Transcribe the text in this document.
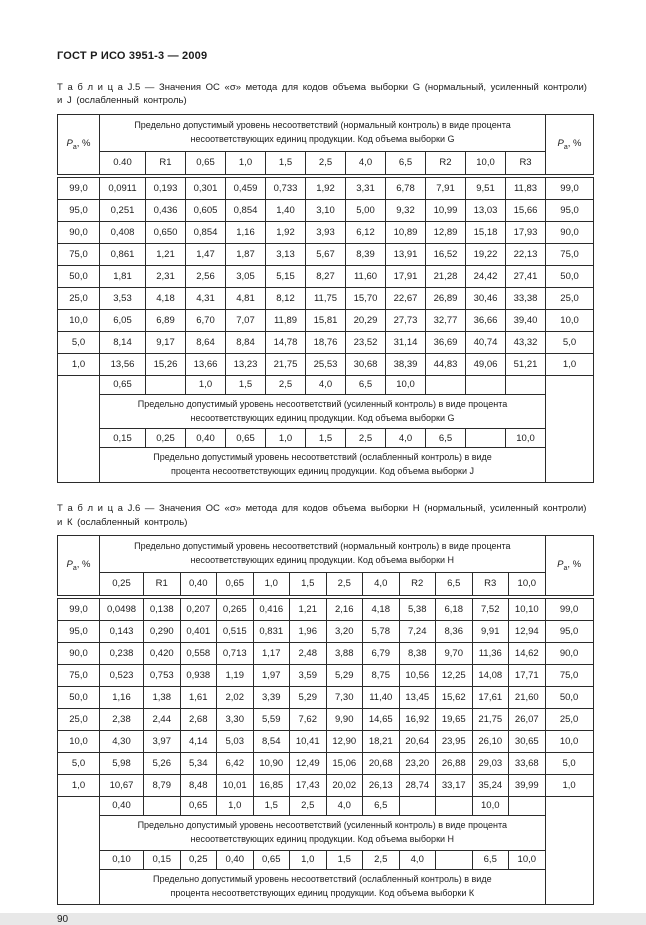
ГОСТ Р ИСО 3951-3 — 2009

Т а б л и ц а J.5 — Значения ОС «σ» метода для кодов объема выборки G (нормальный, усиленный контроли)
и J (ослабленный контроль)

$P_a$, %	Предельно допустимый уровень несоответствий (нормальный контроль) в виде процента
несоответствующих единиц продукции. Код объема выборки G											$P_a$, %
	0.40	R1	0,65	1,0	1,5	2,5	4,0	6,5	R2	10,0	R3	
99,0	0,0911	0,193	0,301	0,459	0,733	1,92	3,31	6,78	7,91	9,51	11,83	99,0
95,0	0,251	0,436	0,605	0,854	1,40	3,10	5,00	9,32	10,99	13,03	15,66	95,0
90,0	0,408	0,650	0,854	1,16	1,92	3,93	6,12	10,89	12,89	15,18	17,93	90,0
75,0	0,861	1,21	1,47	1,87	3,13	5,67	8,39	13,91	16,52	19,22	22,13	75,0
50,0	1,81	2,31	2,56	3,05	5,15	8,27	11,60	17,91	21,28	24,42	27,41	50,0
25,0	3,53	4,18	4,31	4,81	8,12	11,75	15,70	22,67	26,89	30,46	33,38	25,0
10,0	6,05	6,89	6,70	7,07	11,89	15,81	20,29	27,73	32,77	36,66	39,40	10,0
5,0	8,14	9,17	8,64	8,84	14,78	18,76	23,52	31,14	36,69	40,74	43,32	5,0
1,0	13,56	15,26	13,66	13,23	21,75	25,53	30,68	38,39	44,83	49,06	51,21	1,0
	0,65		1,0	1,5	2,5	4,0	6,5	10,0				
	Предельно допустимый уровень несоответствий (усиленный контроль) в виде процента
несоответствующих единиц продукции. Код объема выборки G											
	0,15	0,25	0,40	0,65	1,0	1,5	2,5	4,0	6,5		10,0	
	Предельно допустимый уровень несоответствий (ослабленный контроль) в виде
процента несоответствующих единиц продукции. Код объема выборки J											

Т а б л и ц а J.6 — Значения ОС «σ» метода для кодов объема выборки Н (нормальный, усиленный контроли)
и К (ослабленный контроль)

$P_a$, %	Предельно допустимый уровень несоответствий (нормальный контроль) в виде процента
несоответствующих единиц продукции. Код объема выборки Н												$P_a$, %
	0,25	R1	0,40	0,65	1,0	1,5	2,5	4,0	R2	6,5	R3	10,0	
99,0	0,0498	0,138	0,207	0,265	0,416	1,21	2,16	4,18	5,38	6,18	7,52	10,10	99,0
95,0	0,143	0,290	0,401	0,515	0,831	1,96	3,20	5,78	7,24	8,36	9,91	12,94	95,0
90,0	0,238	0,420	0,558	0,713	1,17	2,48	3,88	6,79	8,38	9,70	11,36	14,62	90,0
75,0	0,523	0,753	0,938	1,19	1,97	3,59	5,29	8,75	10,56	12,25	14,08	17,71	75,0
50,0	1,16	1,38	1,61	2,02	3,39	5,29	7,30	11,40	13,45	15,62	17,61	21,60	50,0
25,0	2,38	2,44	2,68	3,30	5,59	7,62	9,90	14,65	16,92	19,65	21,75	26,07	25,0
10,0	4,30	3,97	4,14	5,03	8,54	10,41	12,90	18,21	20,64	23,95	26,10	30,65	10,0
5,0	5,98	5,26	5,34	6,42	10,90	12,49	15,06	20,68	23,20	26,88	29,03	33,68	5,0
1,0	10,67	8,79	8,48	10,01	16,85	17,43	20,02	26,13	28,74	33,17	35,24	39,99	1,0
	0,40		0,65	1,0	1,5	2,5	4,0	6,5			10,0		
	Предельно допустимый уровень несоответствий (усиленный контроль) в виде процента
несоответствующих единиц продукции. Код объема выборки Н												
	0,10	0,15	0,25	0,40	0,65	1,0	1,5	2,5	4,0		6,5	10,0	
	Предельно допустимый уровень несоответствий (ослабленный контроль) в виде
процента несоответствующих единиц продукции. Код объема выборки К												
90
